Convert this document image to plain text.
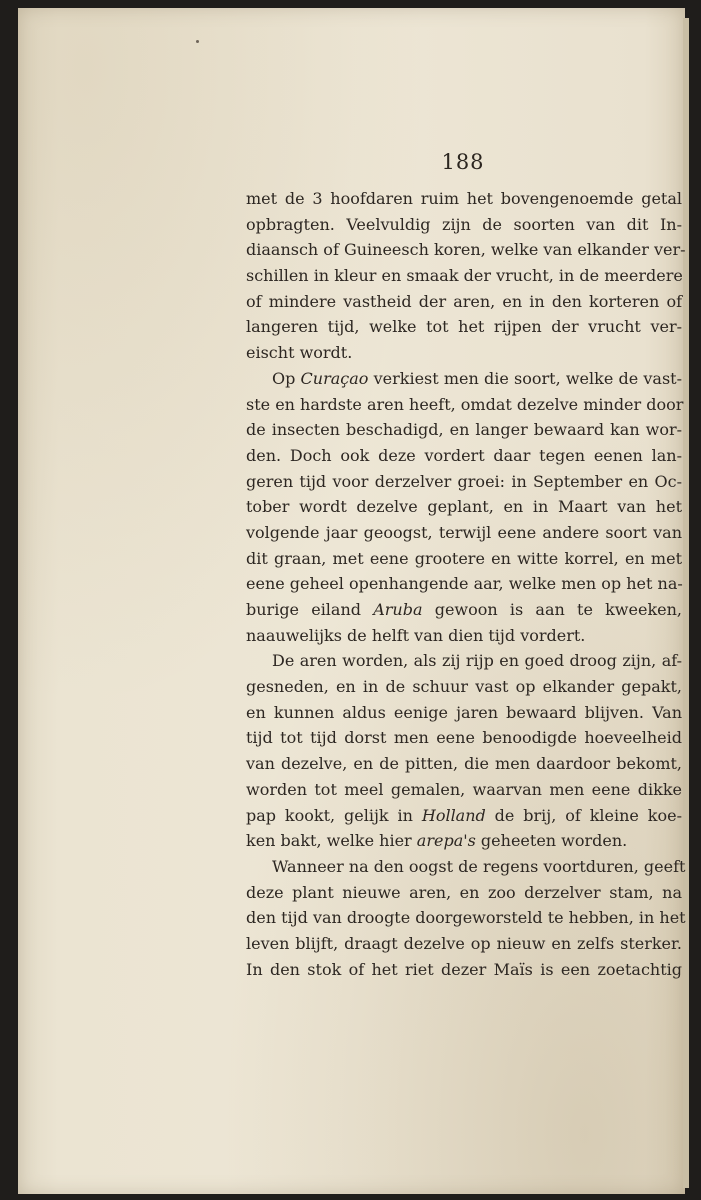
188
met de 3 hoofdaren ruim het bovengenoemde getal
opbragten. Veelvuldig zijn de soorten van dit In-
diaansch of Guineesch koren, welke van elkander ver-
schillen in kleur en smaak der vrucht, in de meerdere
of mindere vastheid der aren, en in den korteren of
langeren tijd, welke tot het rijpen der vrucht ver-
eischt wordt.
Op Curaçao verkiest men die soort, welke de vast-
ste en hardste aren heeft, omdat dezelve minder door
de insecten beschadigd, en langer bewaard kan wor-
den. Doch ook deze vordert daar tegen eenen lan-
geren tijd voor derzelver groei: in September en Oc-
tober wordt dezelve geplant, en in Maart van het
volgende jaar geoogst, terwijl eene andere soort van
dit graan, met eene grootere en witte korrel, en met
eene geheel openhangende aar, welke men op het na-
burige eiland Aruba gewoon is aan te kweeken,
naauwelijks de helft van dien tijd vordert.
De aren worden, als zij rijp en goed droog zijn, af-
gesneden, en in de schuur vast op elkander gepakt,
en kunnen aldus eenige jaren bewaard blijven. Van
tijd tot tijd dorst men eene benoodigde hoeveelheid
van dezelve, en de pitten, die men daardoor bekomt,
worden tot meel gemalen, waarvan men eene dikke
pap kookt, gelijk in Holland de brij, of kleine koe-
ken bakt, welke hier arepa's geheeten worden.
Wanneer na den oogst de regens voortduren, geeft
deze plant nieuwe aren, en zoo derzelver stam, na
den tijd van droogte doorgeworsteld te hebben, in het
leven blijft, draagt dezelve op nieuw en zelfs sterker.
In den stok of het riet dezer Maïs is een zoetachtig
